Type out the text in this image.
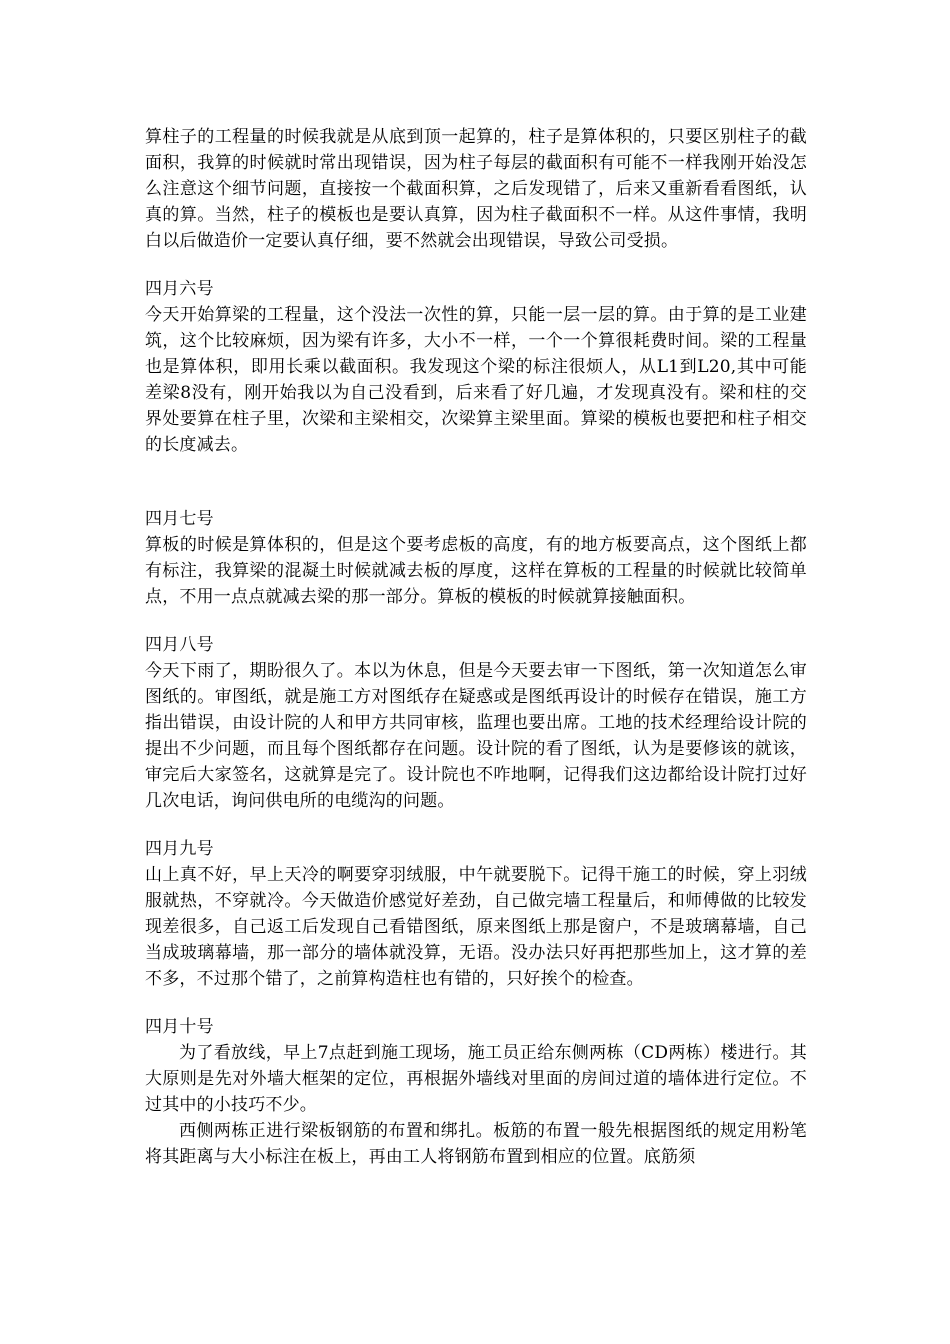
算柱子的工程量的时候我就是从底到顶一起算的，柱子是算体积的，只要区别柱子的截面积，我算的时候就时常出现错误，因为柱子每层的截面积有可能不一样我刚开始没怎么注意这个细节问题，直接按一个截面积算，之后发现错了，后来又重新看看图纸，认真的算。当然，柱子的模板也是要认真算，因为柱子截面积不一样。从这件事情，我明白以后做造价一定要认真仔细，要不然就会出现错误，导致公司受损。

四月六号

今天开始算梁的工程量，这个没法一次性的算，只能一层一层的算。由于算的是工业建筑，这个比较麻烦，因为梁有许多，大小不一样，一个一个算很耗费时间。梁的工程量也是算体积，即用长乘以截面积。我发现这个梁的标注很烦人，从L1到L20,其中可能差梁8没有，刚开始我以为自己没看到，后来看了好几遍，才发现真没有。梁和柱的交界处要算在柱子里，次梁和主梁相交，次梁算主梁里面。算梁的模板也要把和柱子相交的长度减去。

四月七号

算板的时候是算体积的，但是这个要考虑板的高度，有的地方板要高点，这个图纸上都有标注，我算梁的混凝土时候就减去板的厚度，这样在算板的工程量的时候就比较简单点，不用一点点就减去梁的那一部分。算板的模板的时候就算接触面积。

四月八号

今天下雨了，期盼很久了。本以为休息，但是今天要去审一下图纸，第一次知道怎么审图纸的。审图纸，就是施工方对图纸存在疑惑或是图纸再设计的时候存在错误，施工方指出错误，由设计院的人和甲方共同审核，监理也要出席。工地的技术经理给设计院的提出不少问题，而且每个图纸都存在问题。设计院的看了图纸，认为是要修该的就该，审完后大家签名，这就算是完了。设计院也不咋地啊，记得我们这边都给设计院打过好几次电话，询问供电所的电缆沟的问题。

四月九号

山上真不好，早上天冷的啊要穿羽绒服，中午就要脱下。记得干施工的时候，穿上羽绒服就热，不穿就冷。今天做造价感觉好差劲，自己做完墙工程量后，和师傅做的比较发现差很多，自己返工后发现自己看错图纸，原来图纸上那是窗户，不是玻璃幕墙，自己当成玻璃幕墙，那一部分的墙体就没算，无语。没办法只好再把那些加上，这才算的差不多，不过那个错了，之前算构造柱也有错的，只好挨个的检查。

四月十号

为了看放线，早上7点赶到施工现场，施工员正给东侧两栋（CD两栋）楼进行。其大原则是先对外墙大框架的定位，再根据外墙线对里面的房间过道的墙体进行定位。不过其中的小技巧不少。

西侧两栋正进行梁板钢筋的布置和绑扎。板筋的布置一般先根据图纸的规定用粉笔将其距离与大小标注在板上，再由工人将钢筋布置到相应的位置。底筋须
